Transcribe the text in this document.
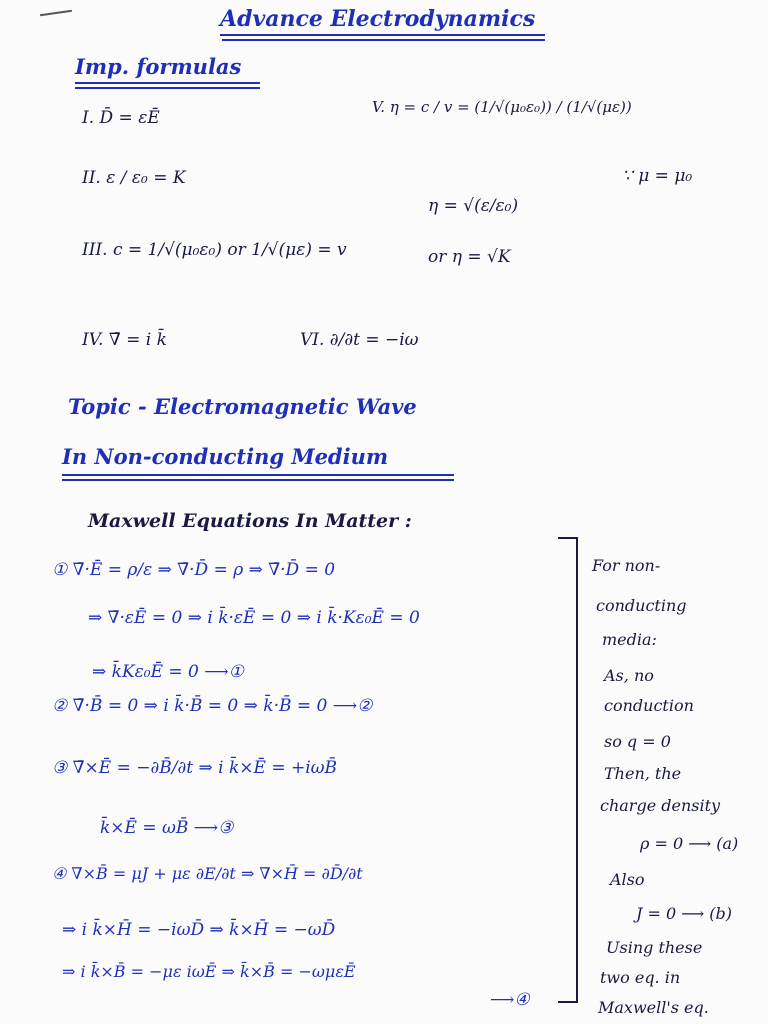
Advance Electrodynamics
Imp. formulas
I. D̄ = εĒ
II. ε / ε₀ = K
III. c = 1/√(μ₀ε₀) or 1/√(με) = v
IV. ∇̄ = i k̄
V. η = c / v = (1/√(μ₀ε₀)) / (1/√(με))
∵ μ = μ₀
η = √(ε/ε₀)
or η = √K
VI. ∂/∂t = −iω
Topic - Electromagnetic Wave
In Non-conducting Medium
Maxwell Equations In Matter :
① ∇̄·Ē = ρ/ε ⇒ ∇̄·D̄ = ρ ⇒ ∇̄·D̄ = 0
⇒ ∇̄·εĒ = 0 ⇒ i k̄·εĒ = 0 ⇒ i k̄·Kε₀Ē = 0
⇒ k̄Kε₀Ē = 0 ⟶①
② ∇̄·B̄ = 0 ⇒ i k̄·B̄ = 0 ⇒ k̄·B̄ = 0 ⟶②
③ ∇̄×Ē = −∂B̄/∂t ⇒ i k̄×Ē = +iωB̄
k̄×Ē = ωB̄ ⟶③
④ ∇̄×B̄ = μJ + με ∂E/∂t ⇒ ∇̄×H̄ = ∂D̄/∂t
⇒ i k̄×H̄ = −iωD̄ ⇒ k̄×H̄ = −ωD̄
⇒ i k̄×B̄ = −με iωĒ ⇒ k̄×B̄ = −ωμεĒ
⟶④
For non-
conducting
media:
As, no
conduction
so q = 0
Then, the
charge density
ρ = 0 ⟶ (a)
Also
J = 0 ⟶ (b)
Using these
two eq. in
Maxwell's eq.
